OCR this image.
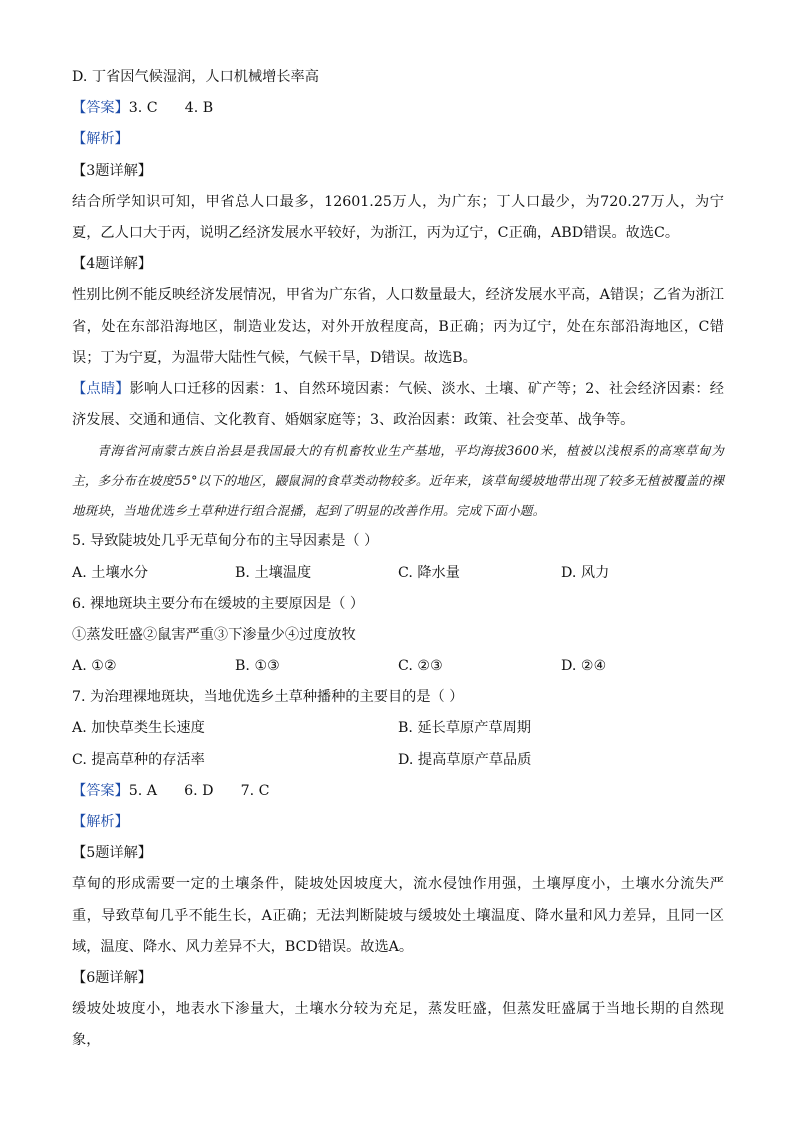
D. 丁省因气候湿润，人口机械增长率高
【答案】3. C      4. B
【解析】
【3题详解】
结合所学知识可知，甲省总人口最多，12601.25万人，为广东；丁人口最少，为720.27万人，为宁夏，乙人口大于丙，说明乙经济发展水平较好，为浙江，丙为辽宁，C正确，ABD错误。故选C。
【4题详解】
性别比例不能反映经济发展情况，甲省为广东省，人口数量最大，经济发展水平高，A错误；乙省为浙江省，处在东部沿海地区，制造业发达，对外开放程度高，B正确；丙为辽宁，处在东部沿海地区，C错误；丁为宁夏，为温带大陆性气候，气候干旱，D错误。故选B。
【点睛】影响人口迁移的因素：1、自然环境因素：气候、淡水、土壤、矿产等；2、社会经济因素：经济发展、交通和通信、文化教育、婚姻家庭等；3、政治因素：政策、社会变革、战争等。
青海省河南蒙古族自治县是我国最大的有机畜牧业生产基地，平均海拔3600米，植被以浅根系的高寒草甸为主，多分布在坡度55°以下的地区，鼹鼠洞的食草类动物较多。近年来，该草甸缓坡地带出现了较多无植被覆盖的裸地斑块，当地优选乡土草种进行组合混播，起到了明显的改善作用。完成下面小题。
5. 导致陡坡处几乎无草甸分布的主导因素是（ ）
A. 土壤水分	B. 土壤温度	C. 降水量	D. 风力
6. 裸地斑块主要分布在缓坡的主要原因是（ ）
①蒸发旺盛②鼠害严重③下渗量少④过度放牧
A. ①②	B. ①③	C. ②③	D. ②④
7. 为治理裸地斑块，当地优选乡土草种播种的主要目的是（ ）
A. 加快草类生长速度	B. 延长草原产草周期
C. 提高草种的存活率	D. 提高草原产草品质
【答案】5. A      6. D      7. C
【解析】
【5题详解】
草甸的形成需要一定的土壤条件，陡坡处因坡度大，流水侵蚀作用强，土壤厚度小，土壤水分流失严重，导致草甸几乎不能生长，A正确；无法判断陡坡与缓坡处土壤温度、降水量和风力差异，且同一区域，温度、降水、风力差异不大，BCD错误。故选A。
【6题详解】
缓坡处坡度小，地表水下渗量大，土壤水分较为充足，蒸发旺盛，但蒸发旺盛属于当地长期的自然现象，
